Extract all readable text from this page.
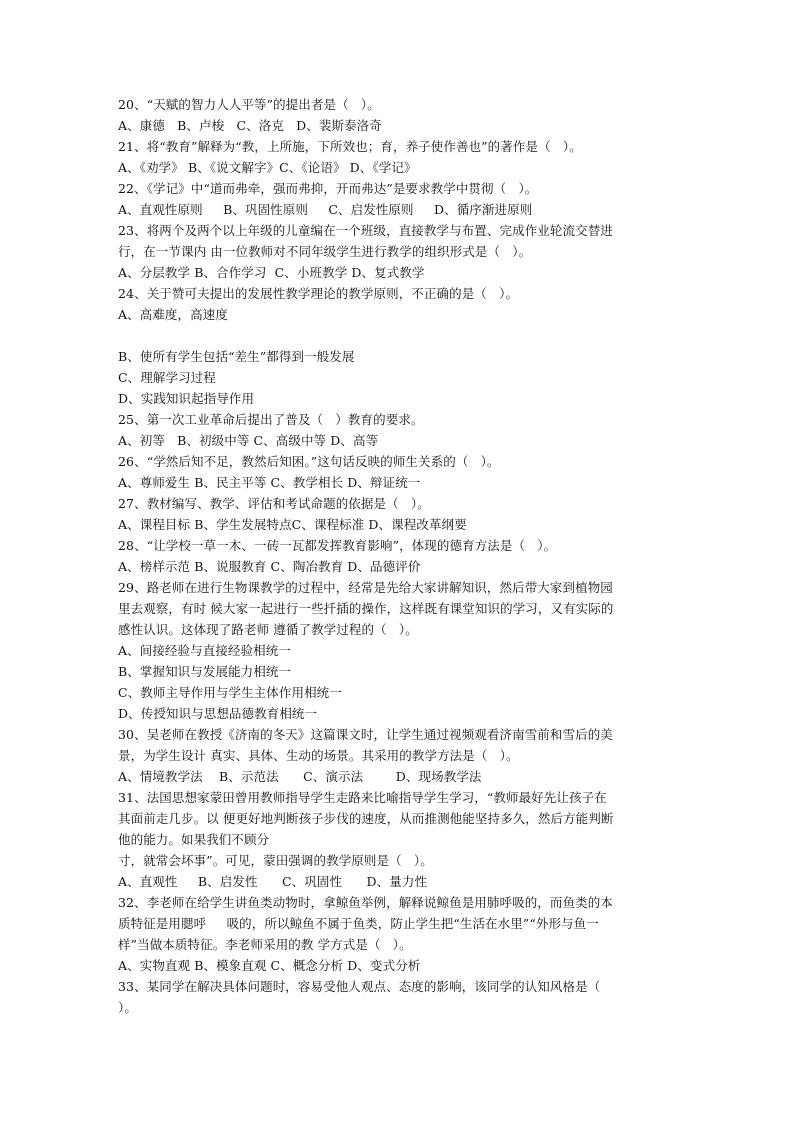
20、“天赋的智力人人平等”的提出者是（   ）。
A、康德   B、卢梭   C、洛克   D、裴斯泰洛奇
21、将“教育”解释为“教，上所施，下所效也；育，养子使作善也”的著作是（   ）。
A、《劝学》 B、《说文解字》C、《论语》 D、《学记》
22、《学记》中“道而弗牵，强而弗抑，开而弗达”是要求教学中贯彻（   ）。
A、直观性原则     B、巩固性原则     C、启发性原则     D、循序渐进原则
23、将两个及两个以上年级的儿童编在一个班级，直接教学与布置、完成作业轮流交替进
行，在一节课内 由一位教师对不同年级学生进行教学的组织形式是（   ）。
A、分层教学 B、合作学习  C、小班教学 D、复式教学
24、关于赞可夫提出的发展性教学理论的教学原则，不正确的是（   ）。
A、高难度，高速度
B、使所有学生包括“差生”都得到一般发展
C、理解学习过程
D、实践知识起指导作用
25、第一次工业革命后提出了普及（   ）教育的要求。
A、初等   B、初级中等 C、高级中等 D、高等
26、“学然后知不足，教然后知困。”这句话反映的师生关系的（   ）。
A、尊师爱生 B、民主平等 C、教学相长 D、辩证统一
27、教材编写、教学、评估和考试命题的依据是（   ）。
A、课程目标 B、学生发展特点C、课程标准 D、课程改革纲要
28、“让学校一草一木、一砖一瓦都发挥教育影响”，体现的德育方法是（   ）。
A、榜样示范 B、说服教育 C、陶冶教育 D、品德评价
29、路老师在进行生物课教学的过程中，经常是先给大家讲解知识，然后带大家到植物园
里去观察，有时 候大家一起进行一些扦插的操作，这样既有课堂知识的学习，又有实际的
感性认识。这体现了路老师 遵循了教学过程的（   ）。
A、间接经验与直接经验相统一
B、掌握知识与发展能力相统一
C、教师主导作用与学生主体作用相统一
D、传授知识与思想品德教育相统一
30、吴老师在教授《济南的冬天》这篇课文时，让学生通过视频观看济南雪前和雪后的美
景，为学生设计 真实、具体、生动的场景。其采用的教学方法是（   ）。
A、情境教学法    B、示范法      C、演示法        D、现场教学法
31、法国思想家蒙田曾用教师指导学生走路来比喻指导学生学习，“教师最好先让孩子在
其面前走几步。以 便更好地判断孩子步伐的速度，从而推测他能坚持多久，然后方能判断
他的能力。如果我们不顾分
寸，就常会坏事”。可见，蒙田强调的教学原则是（   ）。
A、直观性     B、启发性      C、巩固性      D、量力性
32、李老师在给学生讲鱼类动物时，拿鲸鱼举例，解释说鲸鱼是用肺呼吸的，而鱼类的本
质特征是用腮呼     吸的，所以鲸鱼不属于鱼类，防止学生把“生活在水里”“外形与鱼一
样”当做本质特征。李老师采用的教 学方式是（   ）。
A、实物直观 B、模象直观 C、概念分析 D、变式分析
33、某同学在解决具体问题时，容易受他人观点、态度的影响，该同学的认知风格是（
）。
